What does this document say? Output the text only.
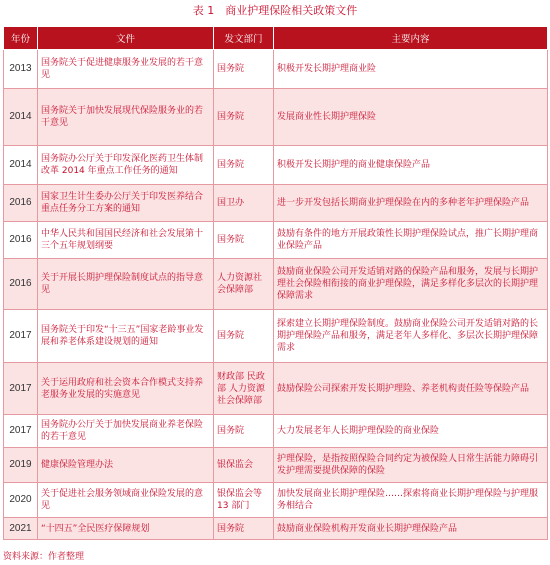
表 1　商业护理保险相关政策文件
年份	文件	发文部门	主要内容
2013	国务院关于促进健康服务业发展的若干意见	国务院	积极开发长期护理商业险
2014	国务院关于加快发展现代保险服务业的若干意见	国务院	发展商业性长期护理保险
2014	国务院办公厅关于印发深化医药卫生体制改革 2014 年重点工作任务的通知	国务院	积极开发长期护理的商业健康保险产品
2016	国家卫生计生委办公厅关于印发医养结合重点任务分工方案的通知	国卫办	进一步开发包括长期商业护理保险在内的多种老年护理保险产品
2016	中华人民共和国国民经济和社会发展第十三个五年规划纲要	国务院	鼓励有条件的地方开展政策性长期护理保险试点，推广长期护理商业保险产品
2016	关于开展长期护理保险制度试点的指导意见	人力资源社会保障部	鼓励商业保险公司开发适销对路的保险产品和服务，发展与长期护理社会保险相衔接的商业护理保险，满足多样化多层次的长期护理保障需求
2017	国务院关于印发“十三五”国家老龄事业发展和养老体系建设规划的通知	国务院	探索建立长期护理保险制度。鼓励商业保险公司开发适销对路的长期护理保险产品和服务，满足老年人多样化、多层次长期护理保障需求
2017	关于运用政府和社会资本合作模式支持养老服务业发展的实施意见	财政部 民政部 人力资源社会保障部	鼓励保险公司探索开发长期护理险、养老机构责任险等保险产品
2017	国务院办公厅关于加快发展商业养老保险的若干意见	国务院	大力发展老年人长期护理保险的商业保险
2019	健康保险管理办法	银保监会	护理保险，是指按照保险合同约定为被保险人日常生活能力障碍引发护理需要提供保障的保险
2020	关于促进社会服务领域商业保险发展的意见	银保监会等 13 部门	加快发展商业长期护理保险……探索将商业长期护理保险与护理服务相结合
2021	“十四五”全民医疗保障规划	国务院	鼓励商业保险机构开发商业长期护理保险产品
资料来源：作者整理
